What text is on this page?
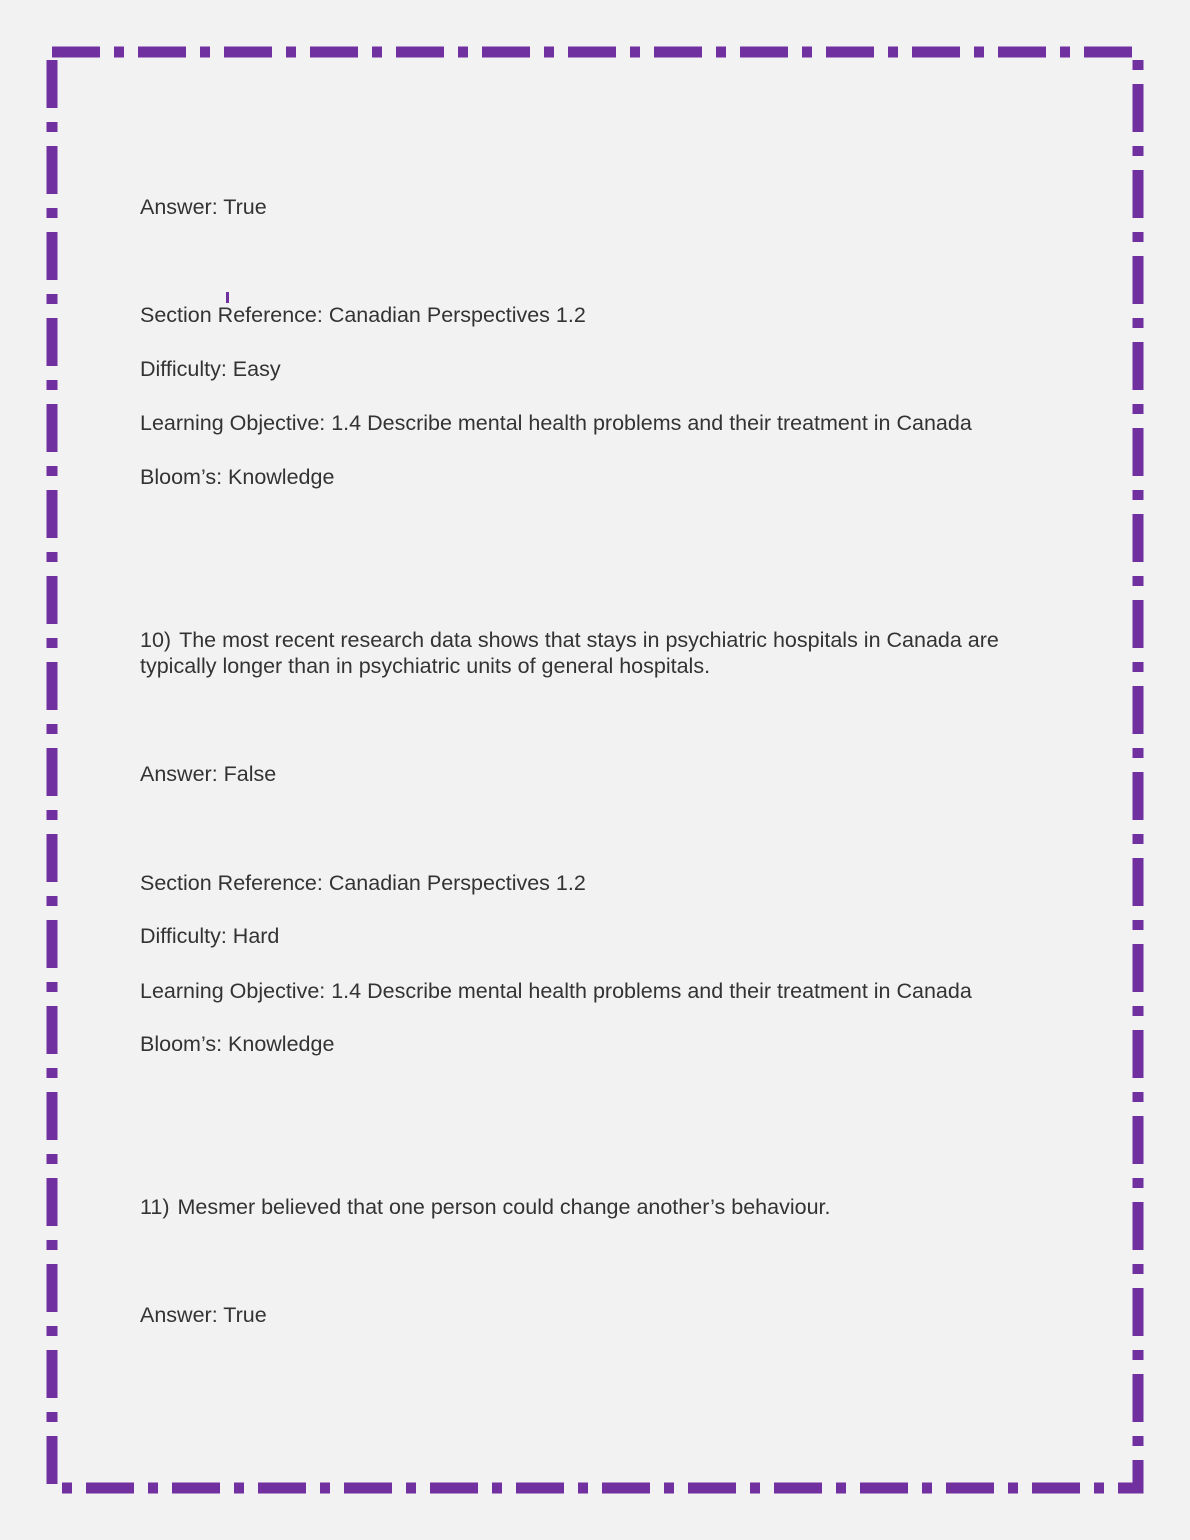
Answer: True

Section Reference: Canadian Perspectives 1.2

Difficulty: Easy

Learning Objective: 1.4 Describe mental health problems and their treatment in Canada

Bloom’s: Knowledge

10) The most recent research data shows that stays in psychiatric hospitals in Canada are typically longer than in psychiatric units of general hospitals.

Answer: False

Section Reference: Canadian Perspectives 1.2

Difficulty: Hard

Learning Objective: 1.4 Describe mental health problems and their treatment in Canada

Bloom’s: Knowledge

11) Mesmer believed that one person could change another’s behaviour.

Answer: True
